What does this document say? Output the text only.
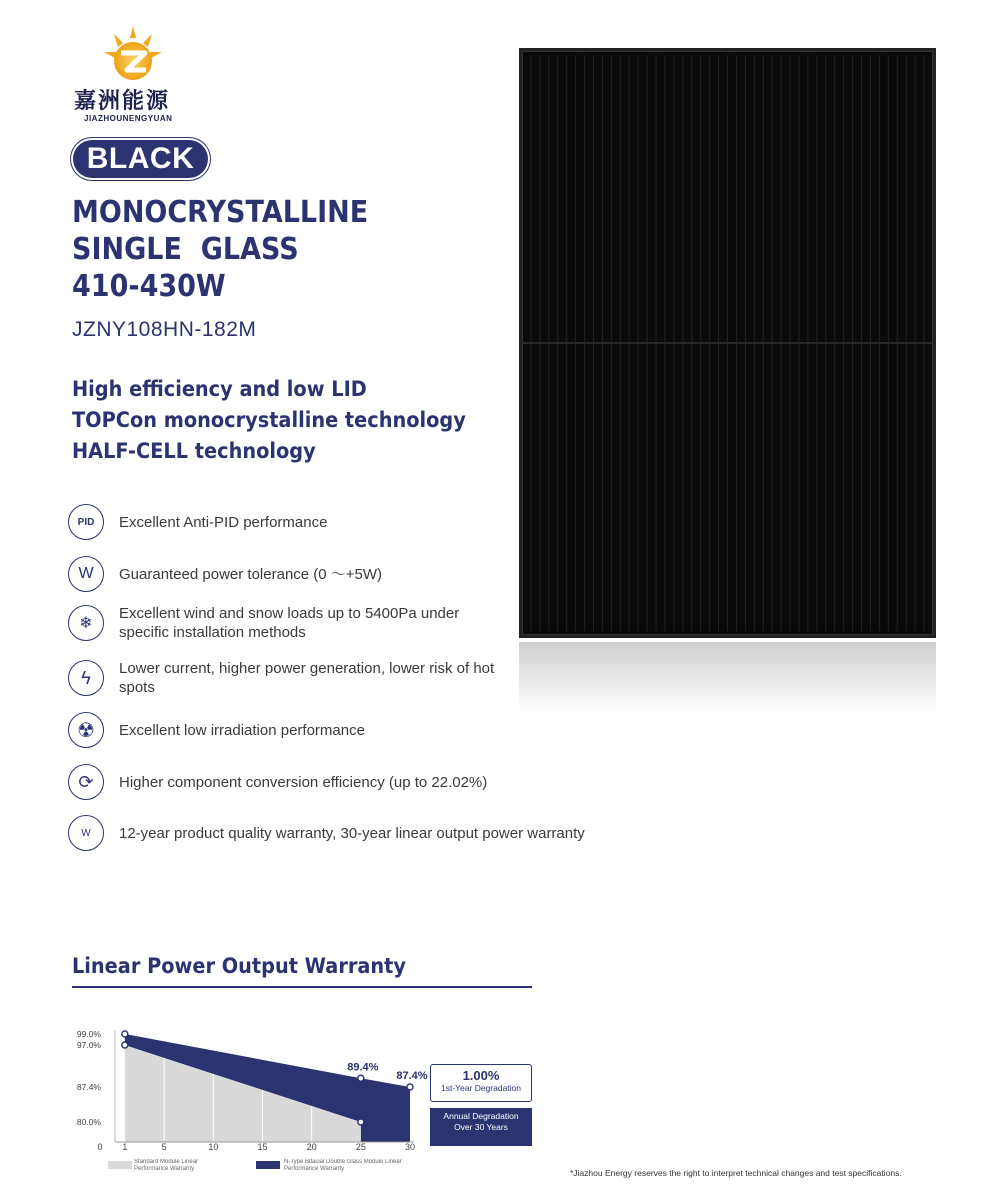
嘉洲能源
JIAZHOUNENGYUAN
BLACK
MONOCRYSTALLINE
SINGLE  GLASS
410-430W
JZNY108HN-182M
High efficiency and low LID
TOPCon monocrystalline technology
HALF-CELL technology
PID Excellent Anti-PID performance
W Guaranteed power tolerance (0 ～+5W)
❄
Excellent wind and snow loads up to 5400Pa under specific installation methods
ϟ Lower current, higher power generation, lower risk of hot spots
☢ Excellent low irradiation performance
⟳ Higher component conversion efficiency (up to 22.02%)
W 12-year product quality warranty, 30-year linear output power warranty
Linear Power Output Warranty
89.4%
87.4%
99.0%
97.0%
87.4%
80.0%
0 1	5	10	15	20	25	30
Standard Module Linear Performance Warranty
N-Type Bifacial Double Glass Module Linear Performance Warranty
1.00%
1st-Year Degradation
Annual Degradation
Over 30 Years
*Jiazhou Energy reserves the right to interpret technical changes and test specifications.
